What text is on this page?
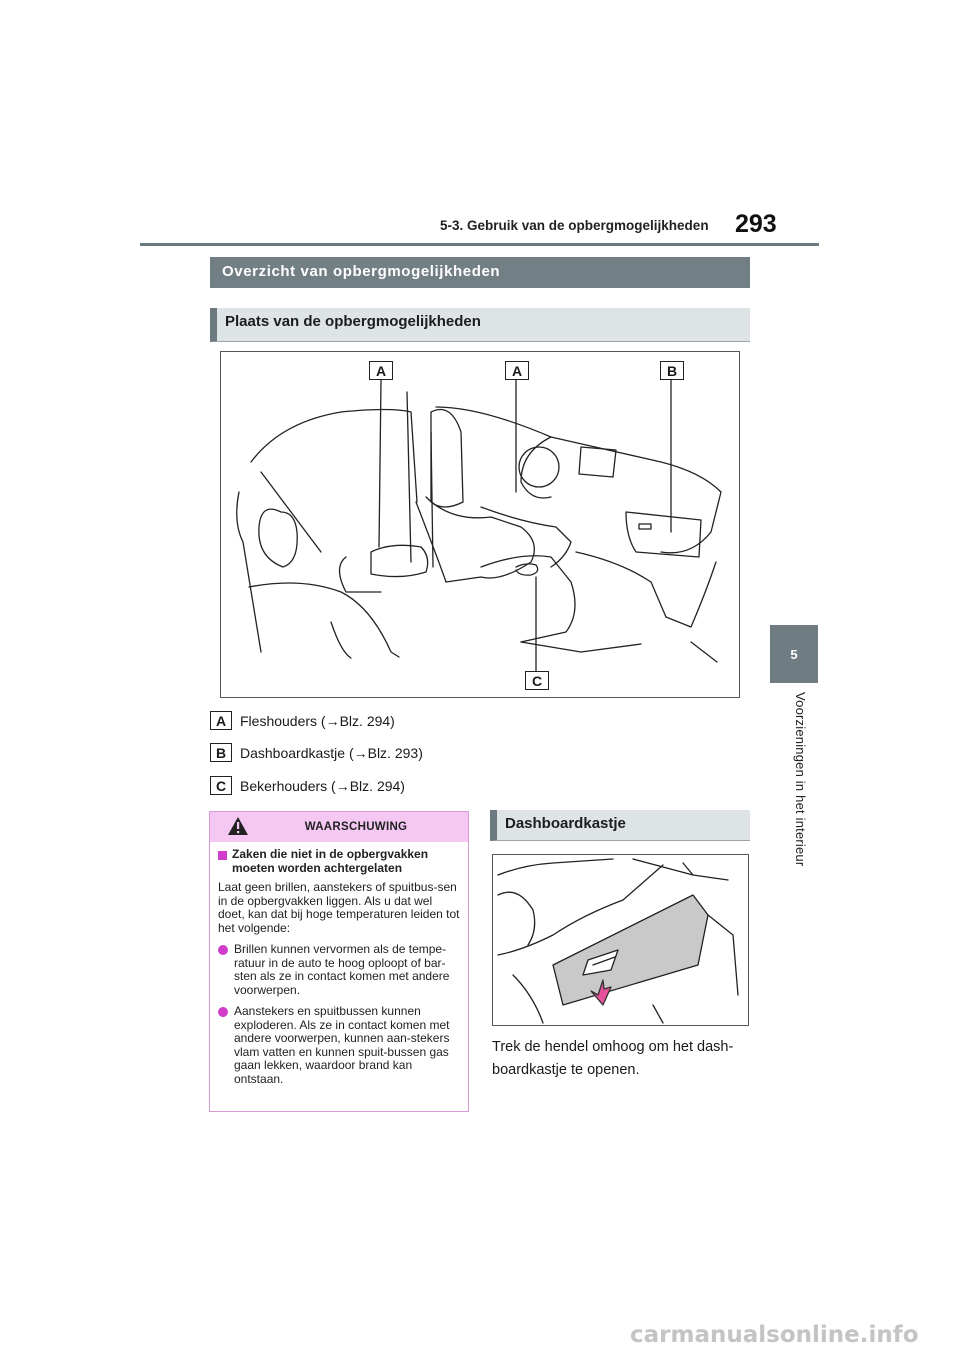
5-3. Gebruik van de opbergmogelijkheden 293
5
Voorzieningen in het interieur
Overzicht van opbergmogelijkheden
Plaats van de opbergmogelijkheden
A	A	B
C
A Fleshouders (→Blz. 294)
B Dashboardkastje (→Blz. 293)
C Bekerhouders (→Blz. 294)
WAARSCHUWING
Zaken die niet in de opbergvakken moeten worden achtergelaten

Laat geen brillen, aanstekers of spuitbus-sen in de opbergvakken liggen. Als u dat wel doet, kan dat bij hoge temperaturen leiden tot het volgende:

Brillen kunnen vervormen als de tempe-ratuur in de auto te hoog oploopt of bar-sten als ze in contact komen met andere voorwerpen.
Aanstekers en spuitbussen kunnen exploderen. Als ze in contact komen met andere voorwerpen, kunnen aan-stekers vlam vatten en kunnen spuit-bussen gas gaan lekken, waardoor brand kan ontstaan.
Dashboardkastje
Trek de hendel omhoog om het dash-boardkastje te openen.
carmanualsonline.info
